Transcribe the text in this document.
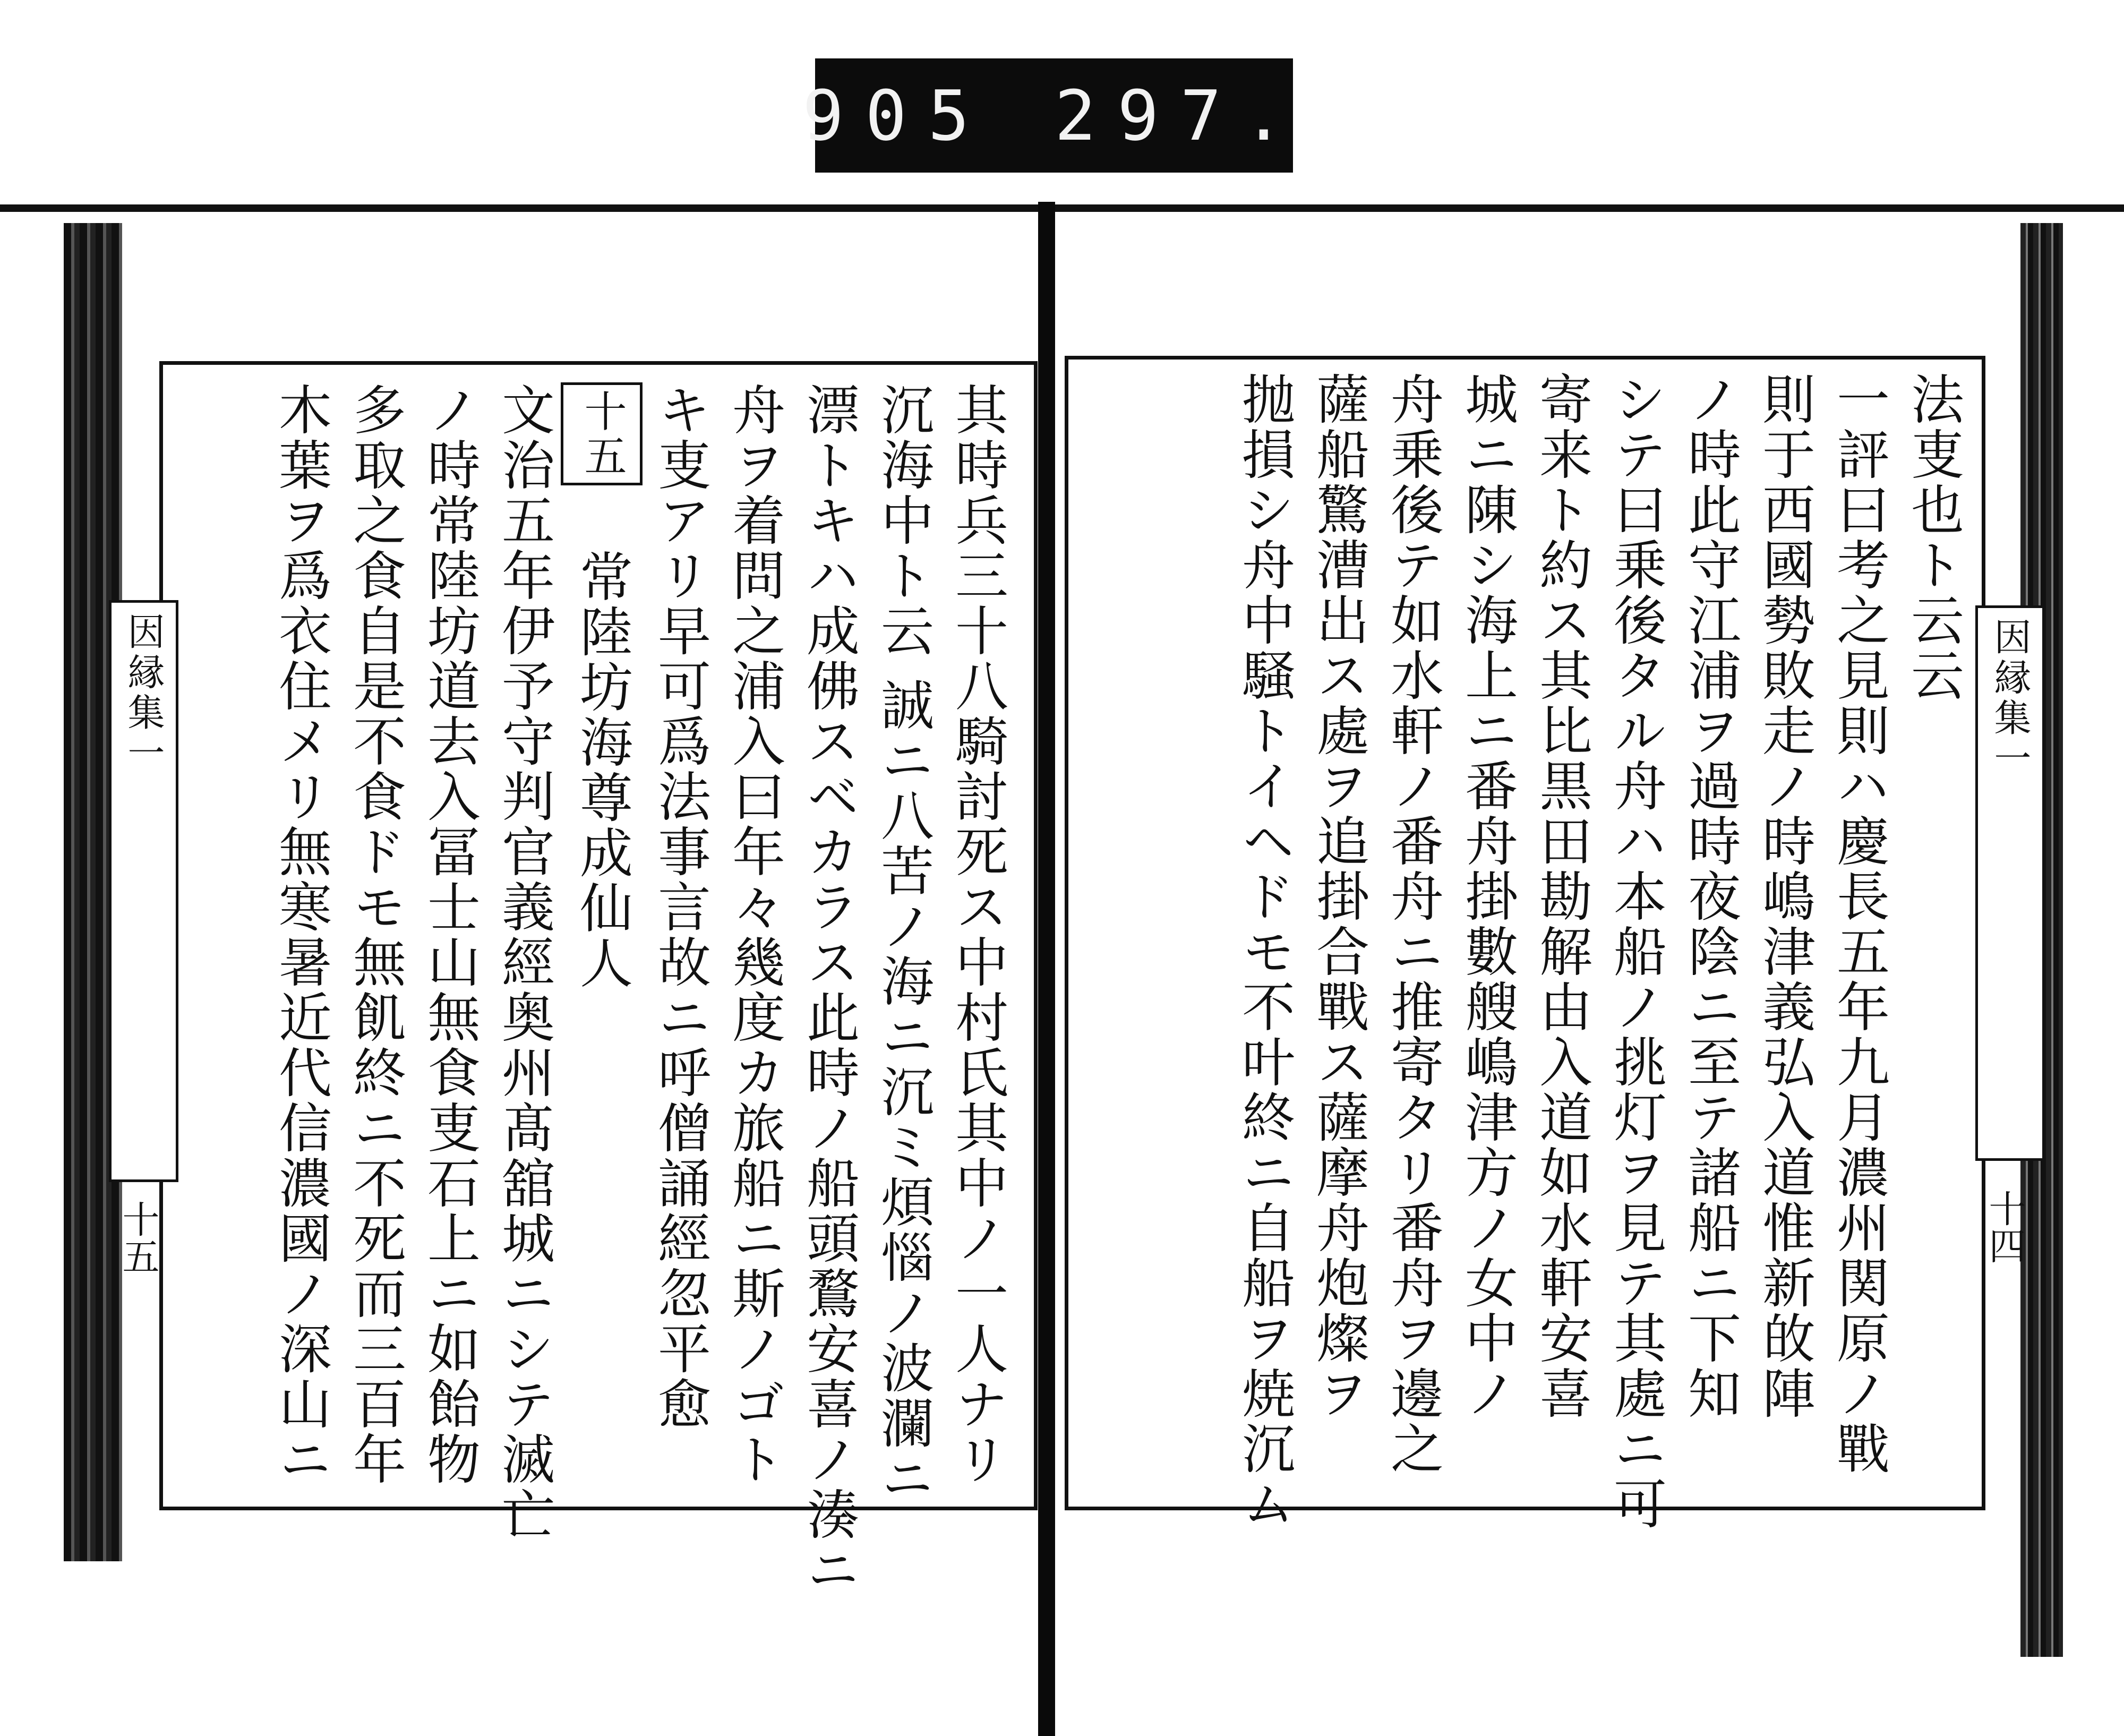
905 297.
因縁集一
十五
因縁集一
十四
其時兵三十八騎討死ス中村氏其中ノ一人ナリ
沉海中ト云 誠ニ八苦ノ海ニ沉ミ煩惱ノ波瀾ニ
漂トキハ成佛スベカラス此時ノ船頭鶩安喜ノ湊ニ
舟ヲ着問之浦入曰年々幾度カ旅船ニ斯ノゴト
キ叓アリ早可爲法事言故ニ呼僧誦經忽平愈
十五常陸坊海尊成仙人
文治五年伊予守判官義經奥州髙舘城ニシテ滅亡
ノ時常陸坊道去入冨士山無食叓石上ニ如飴物
多取之食自是不食ドモ無飢終ニ不死而三百年
木葉ヲ爲衣住メリ無寒暑近代信濃國ノ深山ニ	法叓也ト云云
一評曰考之見則ハ慶長五年九月濃州関原ノ戰
則于西國勢敗走ノ時嶋津義弘入道惟新敀陣
ノ時此守江浦ヲ過時夜陰ニ至テ諸船ニ下知
シテ曰乗後タル舟ハ本船ノ挑灯ヲ見テ其處ニ可
寄来ト約ス其比黒田勘解由入道如水軒安喜
城ニ陳シ海上ニ番舟掛數艘嶋津方ノ女中ノ
舟乗後テ如水軒ノ番舟ニ推寄タリ番舟ヲ邊之
薩船驚漕出ス處ヲ追掛合戰ス薩摩舟炮燦ヲ
抛損シ舟中騒トイヘドモ不叶終ニ自船ヲ焼沉ム
